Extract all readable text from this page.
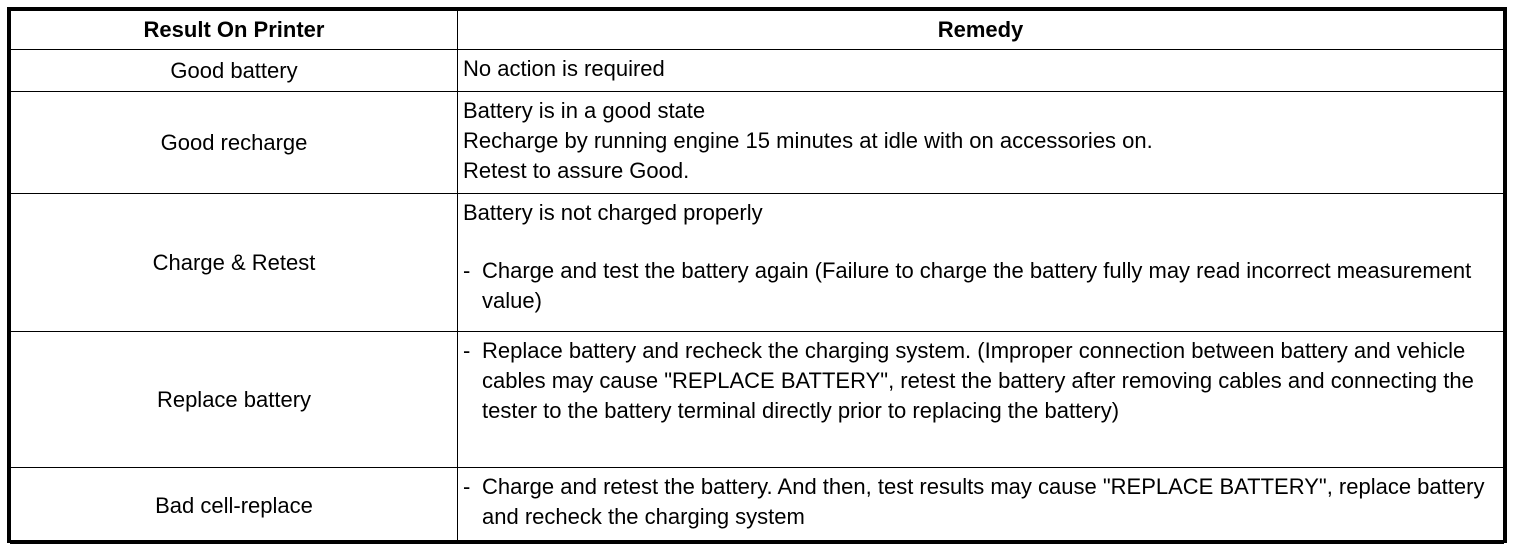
Result On Printer	Remedy
Good battery	No action is required

Good recharge	Battery is in a good state
Recharge by running engine 15 minutes at idle with on accessories on.
Retest to assure Good.

Charge & Retest	Battery is not charged properly
- Charge and test the battery again (Failure to charge the battery fully may read incorrect measurement value)

Replace battery	- Replace battery and recheck the charging system. (Improper connection between battery and vehicle cables may cause "REPLACE BATTERY", retest the battery after removing cables and connecting the tester to the battery terminal directly prior to replacing the battery)

Bad cell-replace	- Charge and retest the battery. And then, test results may cause "REPLACE BATTERY", replace battery and recheck the charging system
